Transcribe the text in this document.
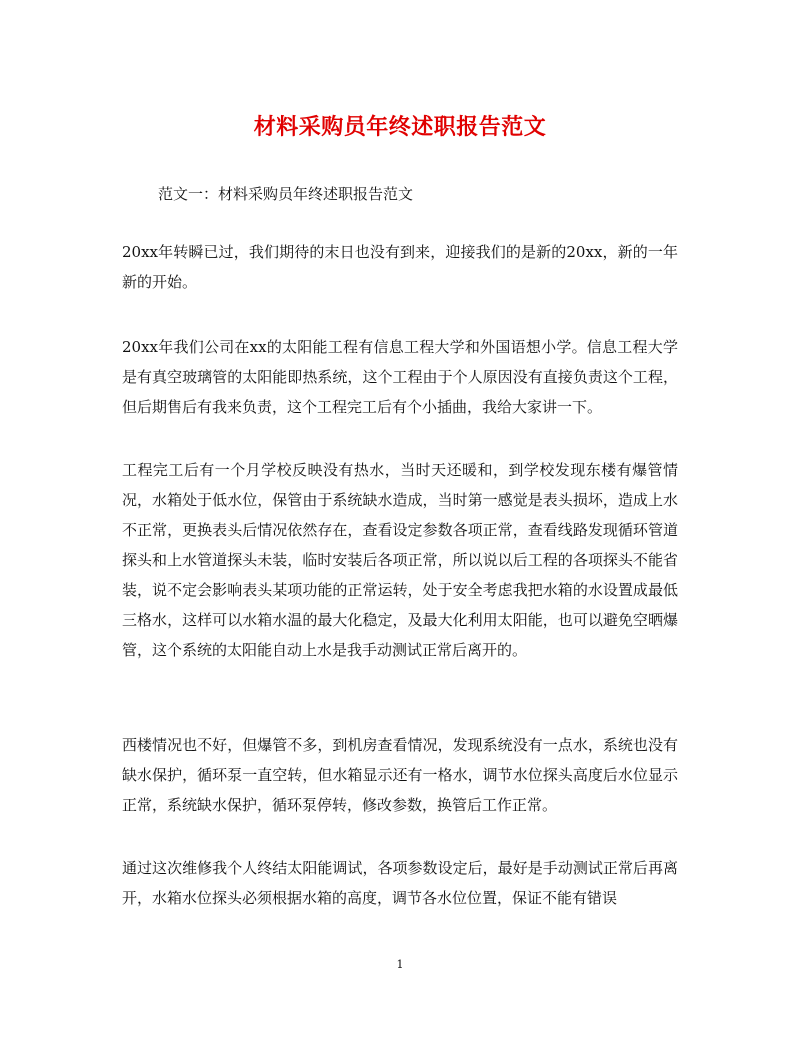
材料采购员年终述职报告范文
范文一：材料采购员年终述职报告范文

20xx年转瞬已过，我们期待的末日也没有到来，迎接我们的是新的20xx，新的一年新的开始。

20xx年我们公司在xx的太阳能工程有信息工程大学和外国语想小学。信息工程大学是有真空玻璃管的太阳能即热系统，这个工程由于个人原因没有直接负责这个工程，但后期售后有我来负责，这个工程完工后有个小插曲，我给大家讲一下。

工程完工后有一个月学校反映没有热水，当时天还暖和，到学校发现东楼有爆管情况，水箱处于低水位，保管由于系统缺水造成，当时第一感觉是表头损坏，造成上水不正常，更换表头后情况依然存在，查看设定参数各项正常，查看线路发现循环管道探头和上水管道探头未装，临时安装后各项正常，所以说以后工程的各项探头不能省装，说不定会影响表头某项功能的正常运转，处于安全考虑我把水箱的水设置成最低三格水，这样可以水箱水温的最大化稳定，及最大化利用太阳能，也可以避免空晒爆管，这个系统的太阳能自动上水是我手动测试正常后离开的。

西楼情况也不好，但爆管不多，到机房查看情况，发现系统没有一点水，系统也没有缺水保护，循环泵一直空转，但水箱显示还有一格水，调节水位探头高度后水位显示正常，系统缺水保护，循环泵停转，修改参数，换管后工作正常。

通过这次维修我个人终结太阳能调试，各项参数设定后，最好是手动测试正常后再离开，水箱水位探头必须根据水箱的高度，调节各水位位置，保证不能有错误

1
